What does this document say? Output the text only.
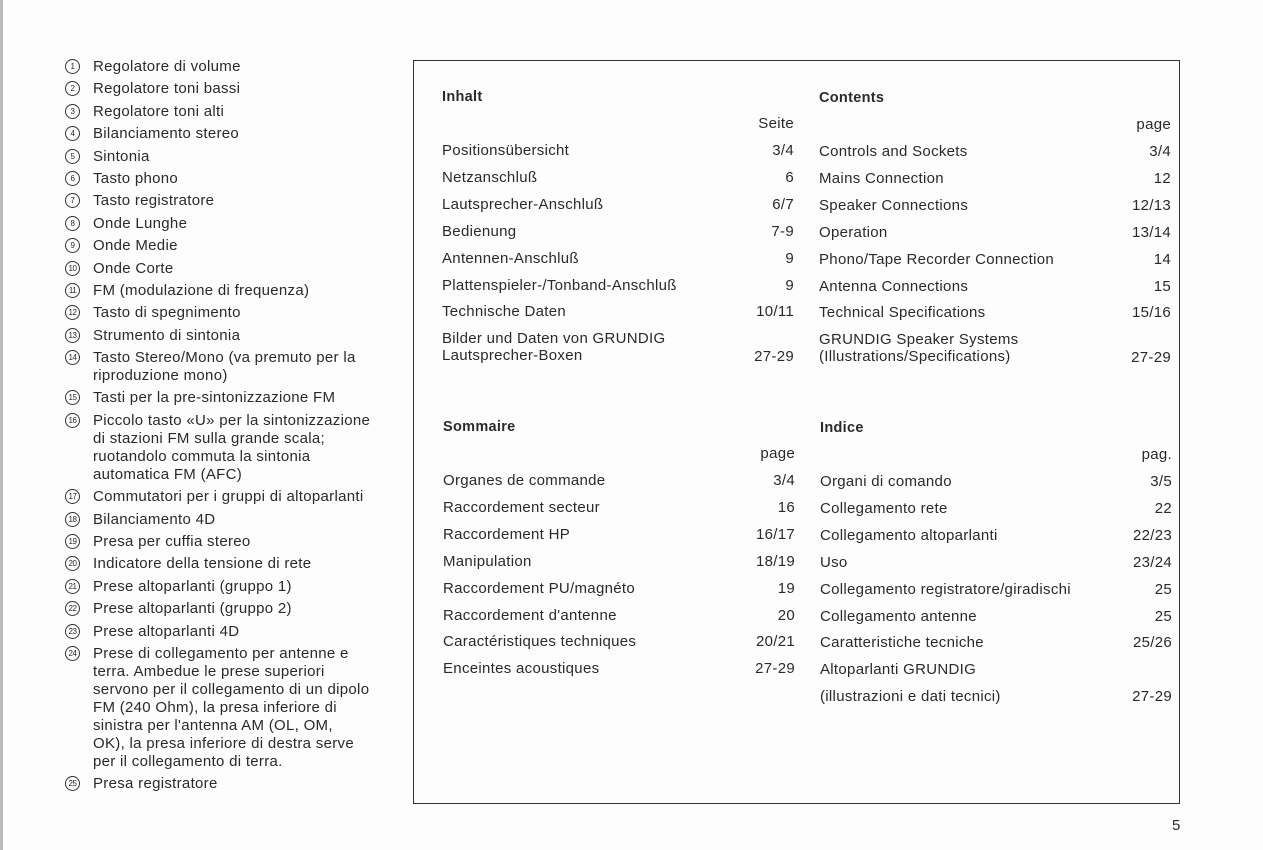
1	Regolatore di volume
2	Regolatore toni bassi
3	Regolatore toni alti
4	Bilanciamento stereo
5	Sintonia
6	Tasto phono
7	Tasto registratore
8	Onde Lunghe
9	Onde Medie
10 Onde Corte
11 FM (modulazione di frequenza)
12 Tasto di spegnimento
13 Strumento di sintonia
14 Tasto Stereo/Mono (va premuto per la
riproduzione mono)
15 Tasti per la pre-sintonizzazione FM
16 Piccolo tasto «U» per la sintonizzazione
di stazioni FM sulla grande scala;
ruotandolo commuta la sintonia
automatica FM (AFC)
17 Commutatori per i gruppi di altoparlanti
18 Bilanciamento 4D
19 Presa per cuffia stereo
20 Indicatore della tensione di rete
21 Prese altoparlanti (gruppo 1)
22 Prese altoparlanti (gruppo 2)
23 Prese altoparlanti 4D
24 Prese di collegamento per antenne e
terra. Ambedue le prese superiori
servono per il collegamento di un dipolo
FM (240 Ohm), la presa inferiore di
sinistra per l'antenna AM (OL, OM,
OK), la presa inferiore di destra serve
per il collegamento di terra.
25 Presa registratore
Inhalt
Seite
Positionsübersicht	3/4
Netzanschluß	6
Lautsprecher-Anschluß	6/7
Bedienung	7-9
Antennen-Anschluß	9
Plattenspieler-/Tonband-Anschluß	9
Technische Daten	10/11
Bilder und Daten von GRUNDIG
Lautsprecher-Boxen	27-29
Contents
page
Controls and Sockets	3/4
Mains Connection	12
Speaker Connections	12/13
Operation	13/14
Phono/Tape Recorder Connection	14
Antenna Connections	15
Technical Specifications	15/16
GRUNDIG Speaker Systems
(Illustrations/Specifications)	27-29
Sommaire
page
Organes de commande	3/4
Raccordement secteur	16
Raccordement HP	16/17
Manipulation	18/19
Raccordement PU/magnéto	19
Raccordement d'antenne	20
Caractéristiques techniques	20/21
Enceintes acoustiques	27-29
Indice
pag.
Organi di comando	3/5
Collegamento rete	22
Collegamento altoparlanti	22/23
Uso	23/24
Collegamento registratore/giradischi	25
Collegamento antenne	25
Caratteristiche tecniche	25/26
Altoparlanti GRUNDIG
(illustrazioni e dati tecnici)	27-29
5
